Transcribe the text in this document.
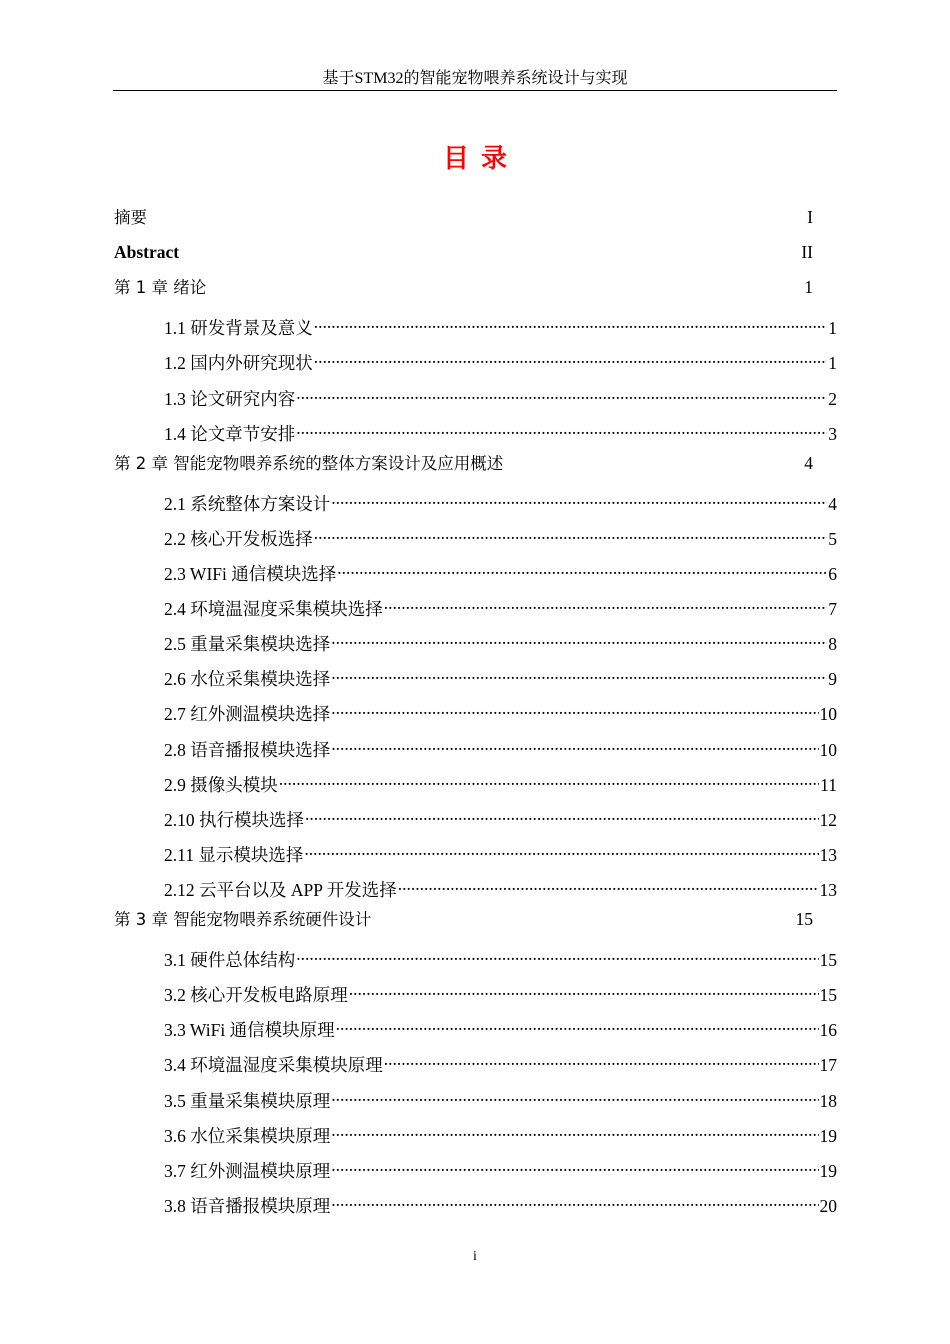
基于STM32的智能宠物喂养系统设计与实现
目录
摘要	I
Abstract	II
第 1 章 绪论	1
1.1 研发背景及意义 .....	1
1.2 国内外研究现状 .....	1
1.3 论文研究内容 .....	2
1.4 论文章节安排 .....	3
第 2 章 智能宠物喂养系统的整体方案设计及应用概述	4
2.1 系统整体方案设计 .....	4
2.2 核心开发板选择 .....	5
2.3 WIFi 通信模块选择 .....	6
2.4 环境温湿度采集模块选择 .....	7
2.5 重量采集模块选择 .....	8
2.6 水位采集模块选择 .....	9
2.7 红外测温模块选择 .....	10
2.8 语音播报模块选择 .....	10
2.9 摄像头模块 .....	11
2.10 执行模块选择 .....	12
2.11 显示模块选择 .....	13
2.12 云平台以及 APP 开发选择 .....	13
第 3 章 智能宠物喂养系统硬件设计	15
3.1 硬件总体结构 .....	15
3.2 核心开发板电路原理 .....	15
3.3 WiFi 通信模块原理 .....	16
3.4 环境温湿度采集模块原理 .....	17
3.5 重量采集模块原理 .....	18
3.6 水位采集模块原理 .....	19
3.7 红外测温模块原理 .....	19
3.8 语音播报模块原理 .....	20
i
